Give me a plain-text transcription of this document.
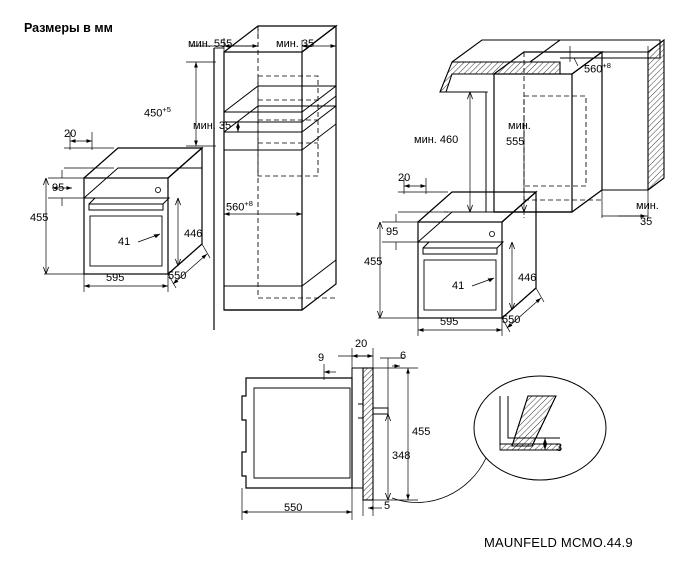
Размеры в мм
20
95
455
41
446
595	550
мин. 555	мин. 35
$450^{+5}$
мин. 35
$560^{+8}$
20
95
455
41
446
595	550
$560^{+8}$
мин. 460
мин.
555
мин.
35
20
9	6
455
348
550	5
3
MAUNFELD MCMO.44.9
